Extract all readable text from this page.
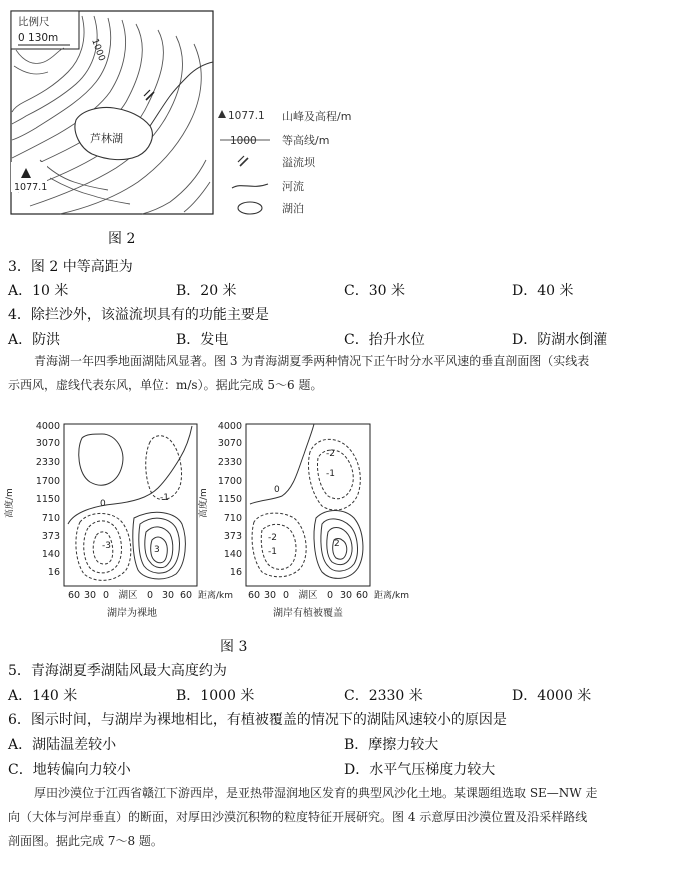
比例尺
0 130m	1000
芦林湖
1077.1
1077.1 山峰及高程/m
1000 等高线/m
溢流坝
河流
湖泊
图 2
3．图 2 中等高距为
A．10 米	B．20 米	C．30 米	D．40 米
4．除拦沙外，该溢流坝具有的功能主要是
A．防洪	B．发电	C．抬升水位	D．防湖水倒灌
青海湖一年四季地面湖陆风显著。图 3 为青海湖夏季两种情况下正午时分水平风速的垂直剖面图（实线表
示西风，虚线代表东风，单位：m/s）。据此完成 5～6 题。
4000
3070
2330
1700
1150
710
373
140
16
高度/m	0
-1
-3	3
60 30 0 湖区 0 30 60 距离/km
湖岸为裸地
4000
3070
2330
1700
1150
710
373
140
16
高度/m	0
-2
-1
-2
-1
2
60 30 0 湖区 0 30 60 距离/km
湖岸有植被覆盖
图 3
5．青海湖夏季湖陆风最大高度约为
A．140 米	B．1000 米	C．2330 米	D．4000 米
6．图示时间，与湖岸为裸地相比，有植被覆盖的情况下的湖陆风速较小的原因是
A．湖陆温差较小	B．摩擦力较大
C．地转偏向力较小	D．水平气压梯度力较大
厚田沙漠位于江西省赣江下游西岸，是亚热带湿润地区发育的典型风沙化土地。某课题组选取 SE—NW 走
向（大体与河岸垂直）的断面，对厚田沙漠沉积物的粒度特征开展研究。图 4 示意厚田沙漠位置及沿采样路线
剖面图。据此完成 7～8 题。
